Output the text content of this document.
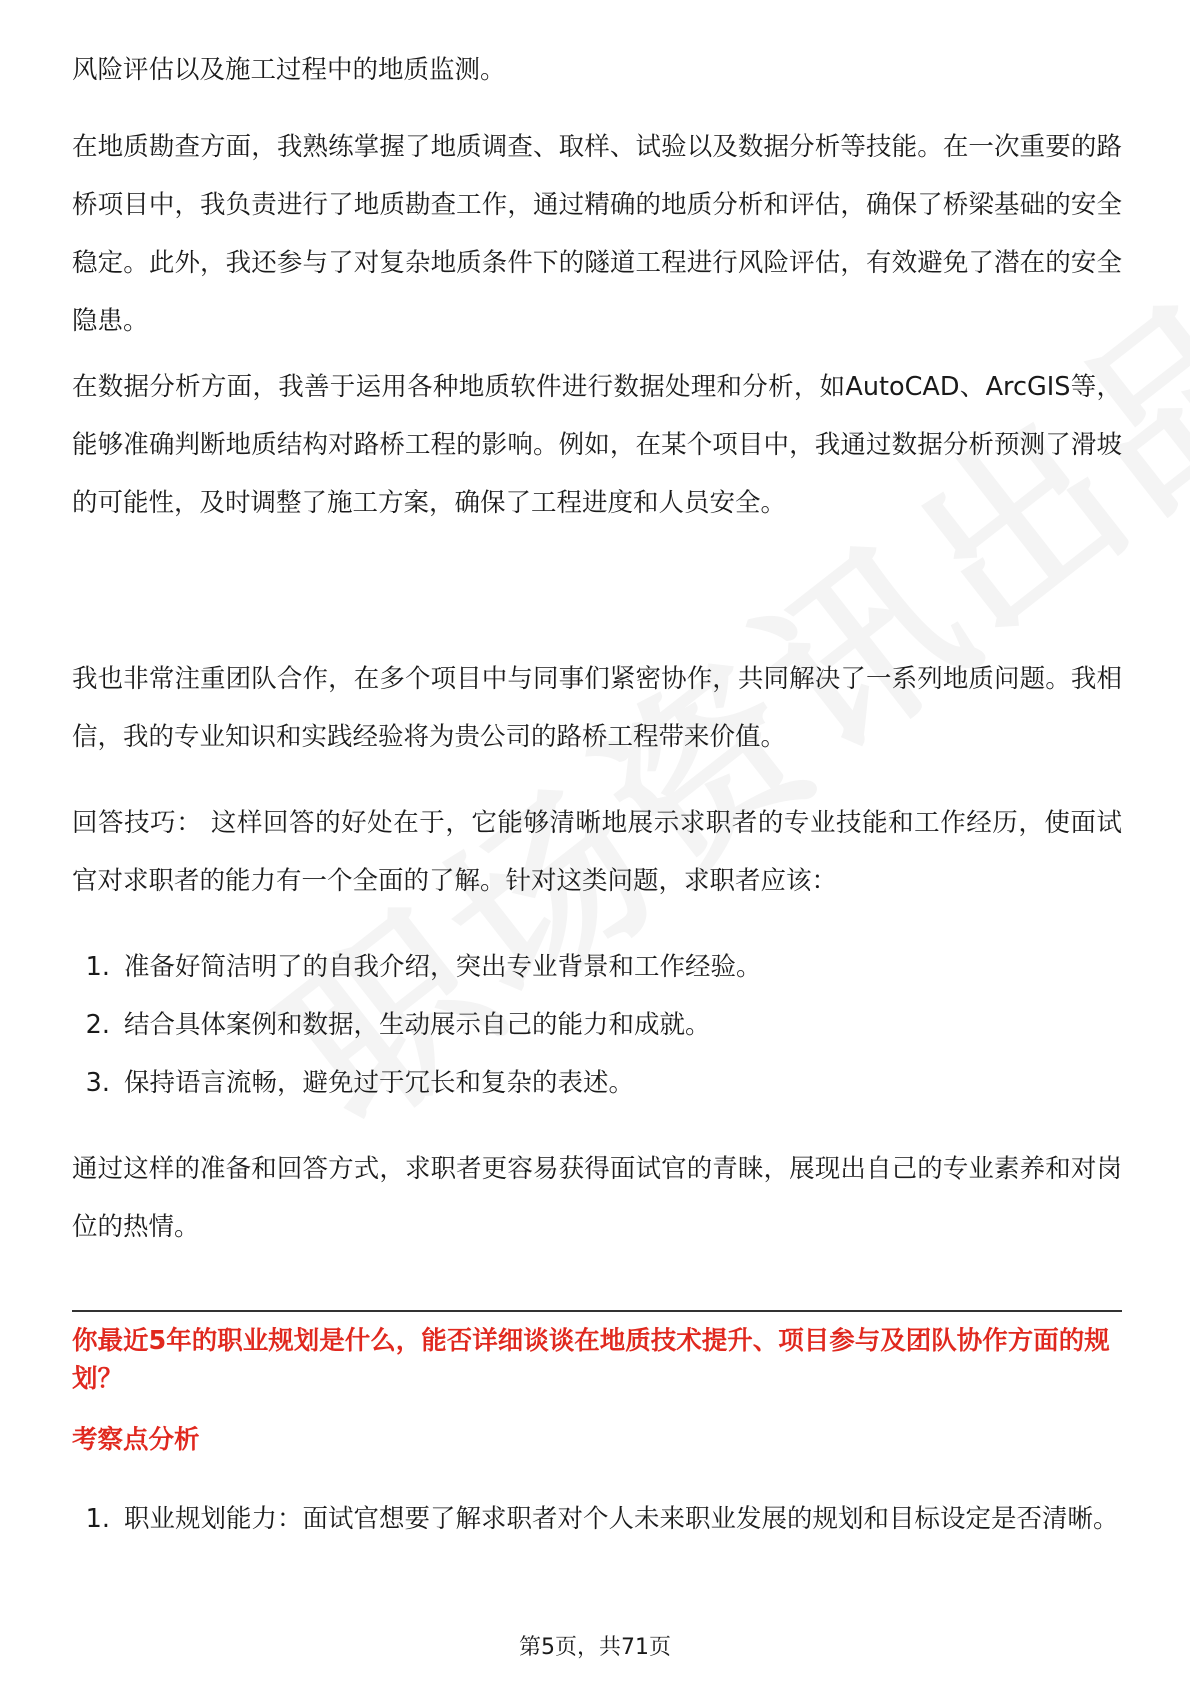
风险评估以及施工过程中的地质监测。

在地质勘查方面，我熟练掌握了地质调查、取样、试验以及数据分析等技能。在一次重要的路桥项目中，我负责进行了地质勘查工作，通过精确的地质分析和评估，确保了桥梁基础的安全稳定。此外，我还参与了对复杂地质条件下的隧道工程进行风险评估，有效避免了潜在的安全隐患。

在数据分析方面，我善于运用各种地质软件进行数据处理和分析，如AutoCAD、ArcGIS等，能够准确判断地质结构对路桥工程的影响。例如，在某个项目中，我通过数据分析预测了滑坡的可能性，及时调整了施工方案，确保了工程进度和人员安全。

我也非常注重团队合作，在多个项目中与同事们紧密协作，共同解决了一系列地质问题。我相信，我的专业知识和实践经验将为贵公司的路桥工程带来价值。

回答技巧： 这样回答的好处在于，它能够清晰地展示求职者的专业技能和工作经历，使面试官对求职者的能力有一个全面的了解。针对这类问题，求职者应该：

1. 准备好简洁明了的自我介绍，突出专业背景和工作经验。
2. 结合具体案例和数据，生动展示自己的能力和成就。
3. 保持语言流畅，避免过于冗长和复杂的表述。

通过这样的准备和回答方式，求职者更容易获得面试官的青睐，展现出自己的专业素养和对岗位的热情。

你最近5年的职业规划是什么，能否详细谈谈在地质技术提升、项目参与及团队协作方面的规划？

考察点分析

1. 职业规划能力：面试官想要了解求职者对个人未来职业发展的规划和目标设定是否清晰。
第5页，共71页
